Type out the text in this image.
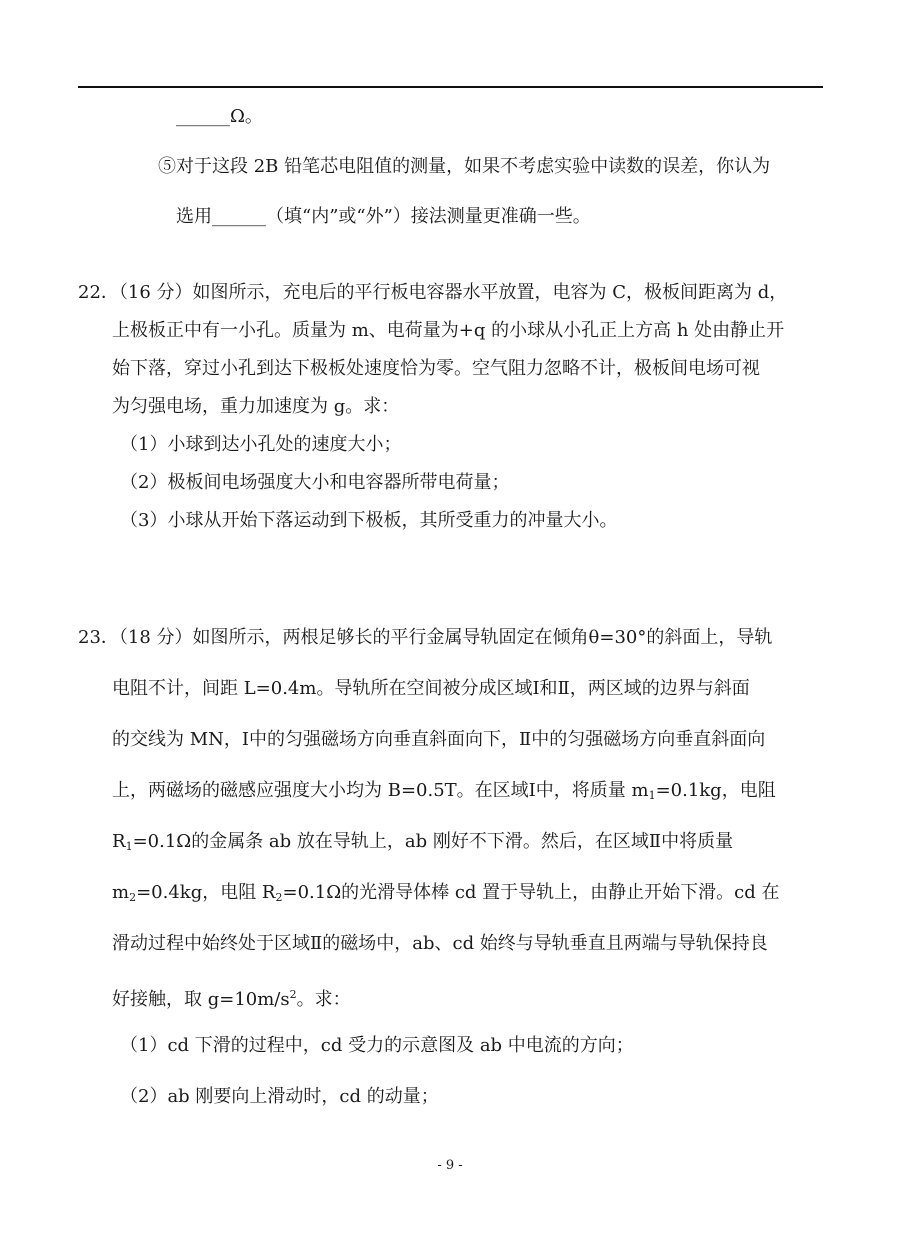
______Ω。
⑤对于这段 2B 铅笔芯电阻值的测量，如果不考虑实验中读数的误差，你认为
选用______（填“内”或“外”）接法测量更准确一些。
22．（16 分）如图所示，充电后的平行板电容器水平放置，电容为 C，极板间距离为 d，
上极板正中有一小孔。质量为 m、电荷量为+q 的小球从小孔正上方高 h 处由静止开
始下落，穿过小孔到达下极板处速度恰为零。空气阻力忽略不计，极板间电场可视
为匀强电场，重力加速度为 g。求：
（1）小球到达小孔处的速度大小；
（2）极板间电场强度大小和电容器所带电荷量；
（3）小球从开始下落运动到下极板，其所受重力的冲量大小。
23．（18 分）如图所示，两根足够长的平行金属导轨固定在倾角θ=30°的斜面上，导轨
电阻不计，间距 L=0.4m。导轨所在空间被分成区域Ⅰ和Ⅱ，两区域的边界与斜面
的交线为 MN，Ⅰ中的匀强磁场方向垂直斜面向下，Ⅱ中的匀强磁场方向垂直斜面向
上，两磁场的磁感应强度大小均为 B=0.5T。在区域Ⅰ中，将质量 $m_1=0.1kg$，电阻
$R_1=0.1\Omega$的金属条 ab 放在导轨上，ab 刚好不下滑。然后，在区域Ⅱ中将质量
$m_2=0.4kg$，电阻 $R_2=0.1\Omega$的光滑导体棒 cd 置于导轨上，由静止开始下滑。cd 在
滑动过程中始终处于区域Ⅱ的磁场中，ab、cd 始终与导轨垂直且两端与导轨保持良
好接触，取 $g=10m/s^2$。求：
（1）cd 下滑的过程中，cd 受力的示意图及 ab 中电流的方向；
（2）ab 刚要向上滑动时，cd 的动量；
- 9 -
